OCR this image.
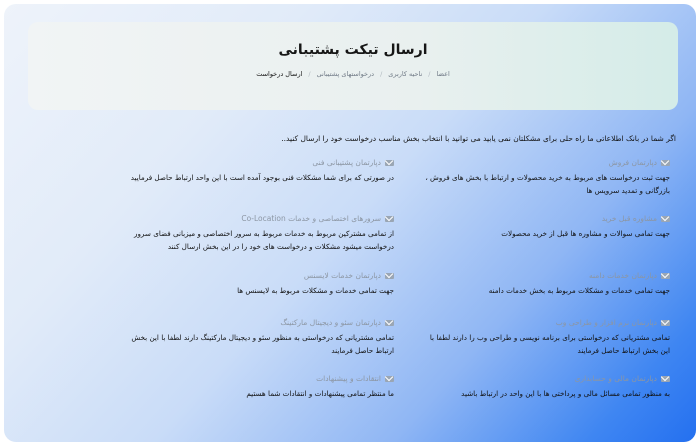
ارسال تیکت پشتیبانی
اعضا
/
ناحیه کاربری
/
درخواستهای پشتیبانی
/
ارسال درخواست
اگر شما در بانک اطلاعاتی ما راه حلی برای مشکلتان نمی یابید می توانید با انتخاب بخش مناسب درخواست خود را ارسال کنید..
دپارتمان فروش
جهت ثبت درخواست های مربوط به خرید محصولات و ارتباط با بخش های فروش ، بازرگانی و تمدید سرویس ها
دپارتمان پشتیبانی فنی
در صورتی که برای شما مشکلات فنی بوجود آمده است با این واحد ارتباط حاصل فرمایید
مشاوره قبل خرید
جهت تمامی سوالات و مشاوره ها قبل از خرید محصولات
سرورهای اختصاصی و خدمات Co-Location
از تمامی مشترکین مربوط به خدمات مربوط به سرور اختصاصی و میزبانی فضای سرور درخواست میشود مشکلات و درخواست های خود را در این بخش ارسال کنند
دپارتمان خدمات دامنه
جهت تمامی خدمات و مشکلات مربوط به بخش خدمات دامنه
دپارتمان خدمات لایسنس
جهت تمامی خدمات و مشکلات مربوط به لایسنس ها
دپارتمان نرم افزار و طراحی وب
تمامی مشتریانی که درخواستی برای برنامه نویسی و طراحی وب را دارند لطفا با این بخش ارتباط حاصل فرمایند
دپارتمان سئو و دیجیتال مارکتینگ
تمامی مشتریانی که درخواستی به منظور سئو و دیجیتال مارکتینگ دارند لطفا با این بخش ارتباط حاصل فرمایند
دپارتمان مالی و حسابداری
به منظور تمامی مسائل مالی و پرداختی ها با این واحد در ارتباط باشید
انتقادات و پیشنهادات
ما منتظر تمامی پیشنهادات و انتقادات شما هستیم
